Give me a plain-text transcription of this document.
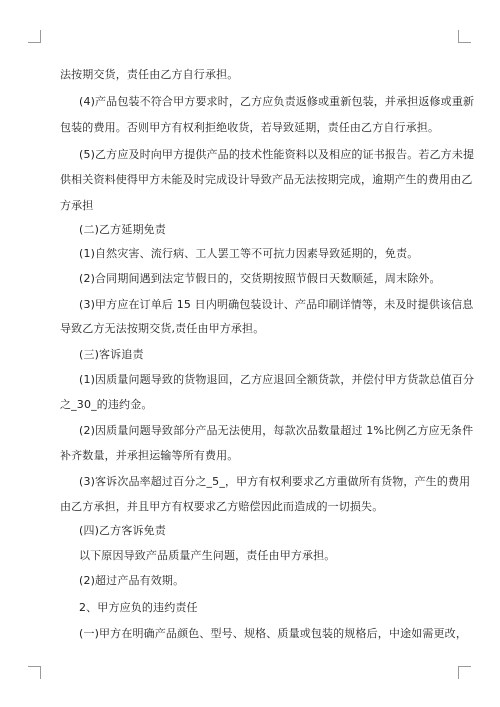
法按期交货，责任由乙方自行承担。
(4)产品包装不符合甲方要求时，乙方应负责返修或重新包装，并承担返修或重新
包装的费用。否则甲方有权利拒绝收货，若导致延期，责任由乙方自行承担。
(5)乙方应及时向甲方提供产品的技术性能资料以及相应的证书报告。若乙方未提
供相关资料使得甲方未能及时完成设计导致产品无法按期完成，逾期产生的费用由乙
方承担
(二)乙方延期免责
(1)自然灾害、流行病、工人罢工等不可抗力因素导致延期的，免责。
(2)合同期间遇到法定节假日的，交货期按照节假日天数顺延，周末除外。
(3)甲方应在订单后 15 日内明确包装设计、产品印刷详情等，未及时提供该信息
导致乙方无法按期交货,责任由甲方承担。
(三)客诉追责
(1)因质量问题导致的货物退回，乙方应退回全额货款，并偿付甲方货款总值百分
之_30_的违约金。
(2)因质量问题导致部分产品无法使用，每款次品数量超过 1%比例乙方应无条件
补齐数量，并承担运输等所有费用。
(3)客诉次品率超过百分之_5_，甲方有权利要求乙方重做所有货物，产生的费用
由乙方承担，并且甲方有权要求乙方赔偿因此而造成的一切损失。
(四)乙方客诉免责
以下原因导致产品质量产生问题，责任由甲方承担。
(2)超过产品有效期。
2、甲方应负的违约责任
(一)甲方在明确产品颜色、型号、规格、质量或包装的规格后，中途如需更改，
